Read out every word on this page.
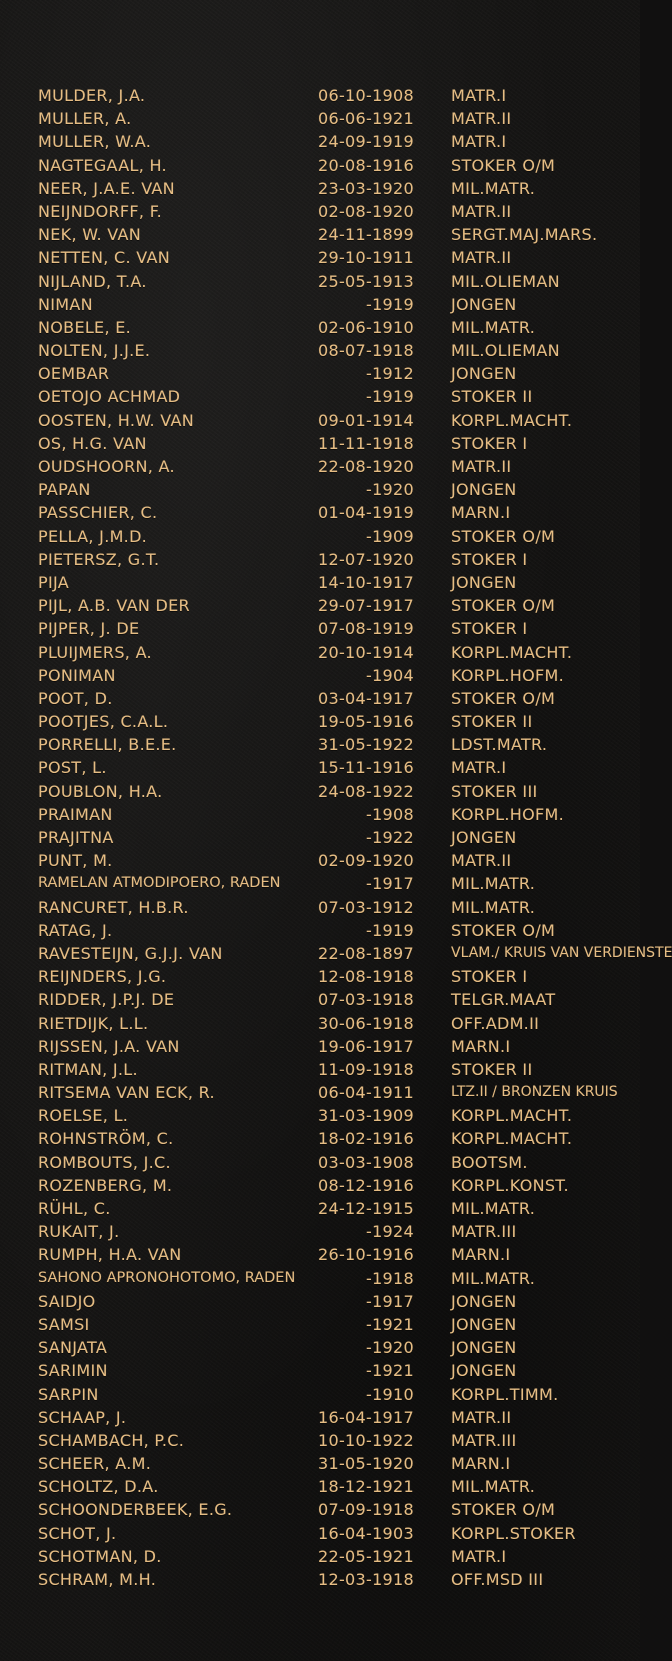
MULDER, J.A.	06-10-1908 MATR.I
MULLER, A.	06-06-1921 MATR.II
MULLER, W.A.	24-09-1919 MATR.I
NAGTEGAAL, H.	20-08-1916 STOKER O/M
NEER, J.A.E. VAN	23-03-1920 MIL.MATR.
NEIJNDORFF, F.	02-08-1920 MATR.II
NEK, W. VAN	24-11-1899 SERGT.MAJ.MARS.
NETTEN, C. VAN	29-10-1911 MATR.II
NIJLAND, T.A.	25-05-1913 MIL.OLIEMAN
NIMAN	-1919 JONGEN
NOBELE, E.	02-06-1910 MIL.MATR.
NOLTEN, J.J.E.	08-07-1918 MIL.OLIEMAN
OEMBAR	-1912 JONGEN
OETOJO ACHMAD	-1919 STOKER II
OOSTEN, H.W. VAN	09-01-1914 KORPL.MACHT.
OS, H.G. VAN	11-11-1918 STOKER I
OUDSHOORN, A.	22-08-1920 MATR.II
PAPAN	-1920 JONGEN
PASSCHIER, C.	01-04-1919 MARN.I
PELLA, J.M.D.	-1909 STOKER O/M
PIETERSZ, G.T.	12-07-1920 STOKER I
PIJA	14-10-1917 JONGEN
PIJL, A.B. VAN DER	29-07-1917 STOKER O/M
PIJPER, J. DE	07-08-1919 STOKER I
PLUIJMERS, A.	20-10-1914 KORPL.MACHT.
PONIMAN	-1904 KORPL.HOFM.
POOT, D.	03-04-1917 STOKER O/M
POOTJES, C.A.L.	19-05-1916 STOKER II
PORRELLI, B.E.E.	31-05-1922 LDST.MATR.
POST, L.	15-11-1916 MATR.I
POUBLON, H.A.	24-08-1922 STOKER III
PRAIMAN	-1908 KORPL.HOFM.
PRAJITNA	-1922 JONGEN
PUNT, M.	02-09-1920 MATR.II
RAMELAN ATMODIPOERO, RADEN	-1917 MIL.MATR.
RANCURET, H.B.R.	07-03-1912 MIL.MATR.
RATAG, J.	-1919 STOKER O/M
RAVESTEIJN, G.J.J. VAN	22-08-1897	VLAM./ KRUIS VAN VERDIENSTE
REIJNDERS, J.G.	12-08-1918 STOKER I
RIDDER, J.P.J. DE	07-03-1918 TELGR.MAAT
RIETDIJK, L.L.	30-06-1918 OFF.ADM.II
RIJSSEN, J.A. VAN	19-06-1917 MARN.I
RITMAN, J.L.	11-09-1918 STOKER II
RITSEMA VAN ECK, R.	06-04-1911	LTZ.II / BRONZEN KRUIS
ROELSE, L.	31-03-1909 KORPL.MACHT.
ROHNSTRÖM, C.	18-02-1916 KORPL.MACHT.
ROMBOUTS, J.C.	03-03-1908 BOOTSM.
ROZENBERG, M.	08-12-1916 KORPL.KONST.
RÜHL, C.	24-12-1915 MIL.MATR.
RUKAIT, J.	-1924 MATR.III
RUMPH, H.A. VAN	26-10-1916 MARN.I
SAHONO APRONOHOTOMO, RADEN	-1918 MIL.MATR.
SAIDJO	-1917 JONGEN
SAMSI	-1921 JONGEN
SANJATA	-1920 JONGEN
SARIMIN	-1921 JONGEN
SARPIN	-1910 KORPL.TIMM.
SCHAAP, J.	16-04-1917 MATR.II
SCHAMBACH, P.C.	10-10-1922 MATR.III
SCHEER, A.M.	31-05-1920 MARN.I
SCHOLTZ, D.A.	18-12-1921 MIL.MATR.
SCHOONDERBEEK, E.G.	07-09-1918 STOKER O/M
SCHOT, J.	16-04-1903 KORPL.STOKER
SCHOTMAN, D.	22-05-1921 MATR.I
SCHRAM, M.H.	12-03-1918 OFF.MSD III
